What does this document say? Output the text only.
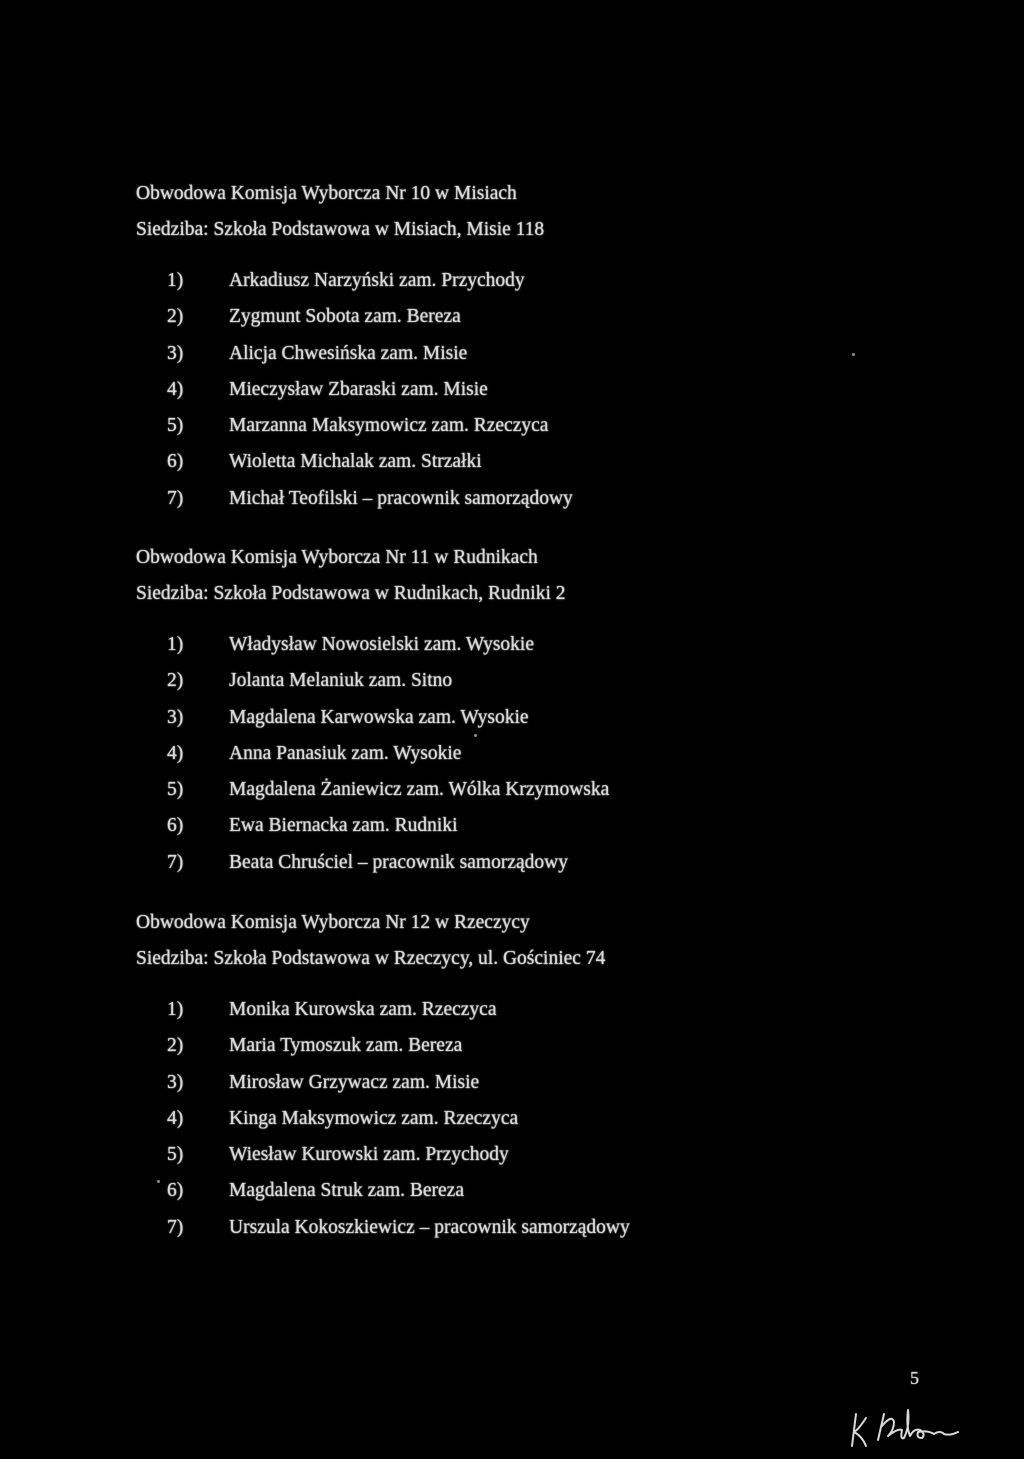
Obwodowa Komisja Wyborcza Nr 10 w Misiach
Siedziba: Szkoła Podstawowa w Misiach, Misie 118
1)	Arkadiusz Narzyński zam. Przychody
2)	Zygmunt Sobota zam. Bereza
3)	Alicja Chwesińska zam. Misie
4)	Mieczysław Zbaraski zam. Misie
5)	Marzanna Maksymowicz zam. Rzeczyca
6)	Wioletta Michalak zam. Strzałki
7)	Michał Teofilski – pracownik samorządowy
Obwodowa Komisja Wyborcza Nr 11 w Rudnikach
Siedziba: Szkoła Podstawowa w Rudnikach, Rudniki 2
1)	Władysław Nowosielski zam. Wysokie
2)	Jolanta Melaniuk zam. Sitno
3)	Magdalena Karwowska zam. Wysokie
4)	Anna Panasiuk zam. Wysokie
5)	Magdalena Żaniewicz zam. Wólka Krzymowska
6)	Ewa Biernacka zam. Rudniki
7)	Beata Chruściel – pracownik samorządowy
Obwodowa Komisja Wyborcza Nr 12 w Rzeczycy
Siedziba: Szkoła Podstawowa w Rzeczycy, ul. Gościniec 74
1)	Monika Kurowska zam. Rzeczyca
2)	Maria Tymoszuk zam. Bereza
3)	Mirosław Grzywacz zam. Misie
4)	Kinga Maksymowicz zam. Rzeczyca
5)	Wiesław Kurowski zam. Przychody
6)	Magdalena Struk zam. Bereza
7)	Urszula Kokoszkiewicz – pracownik samorządowy
5
